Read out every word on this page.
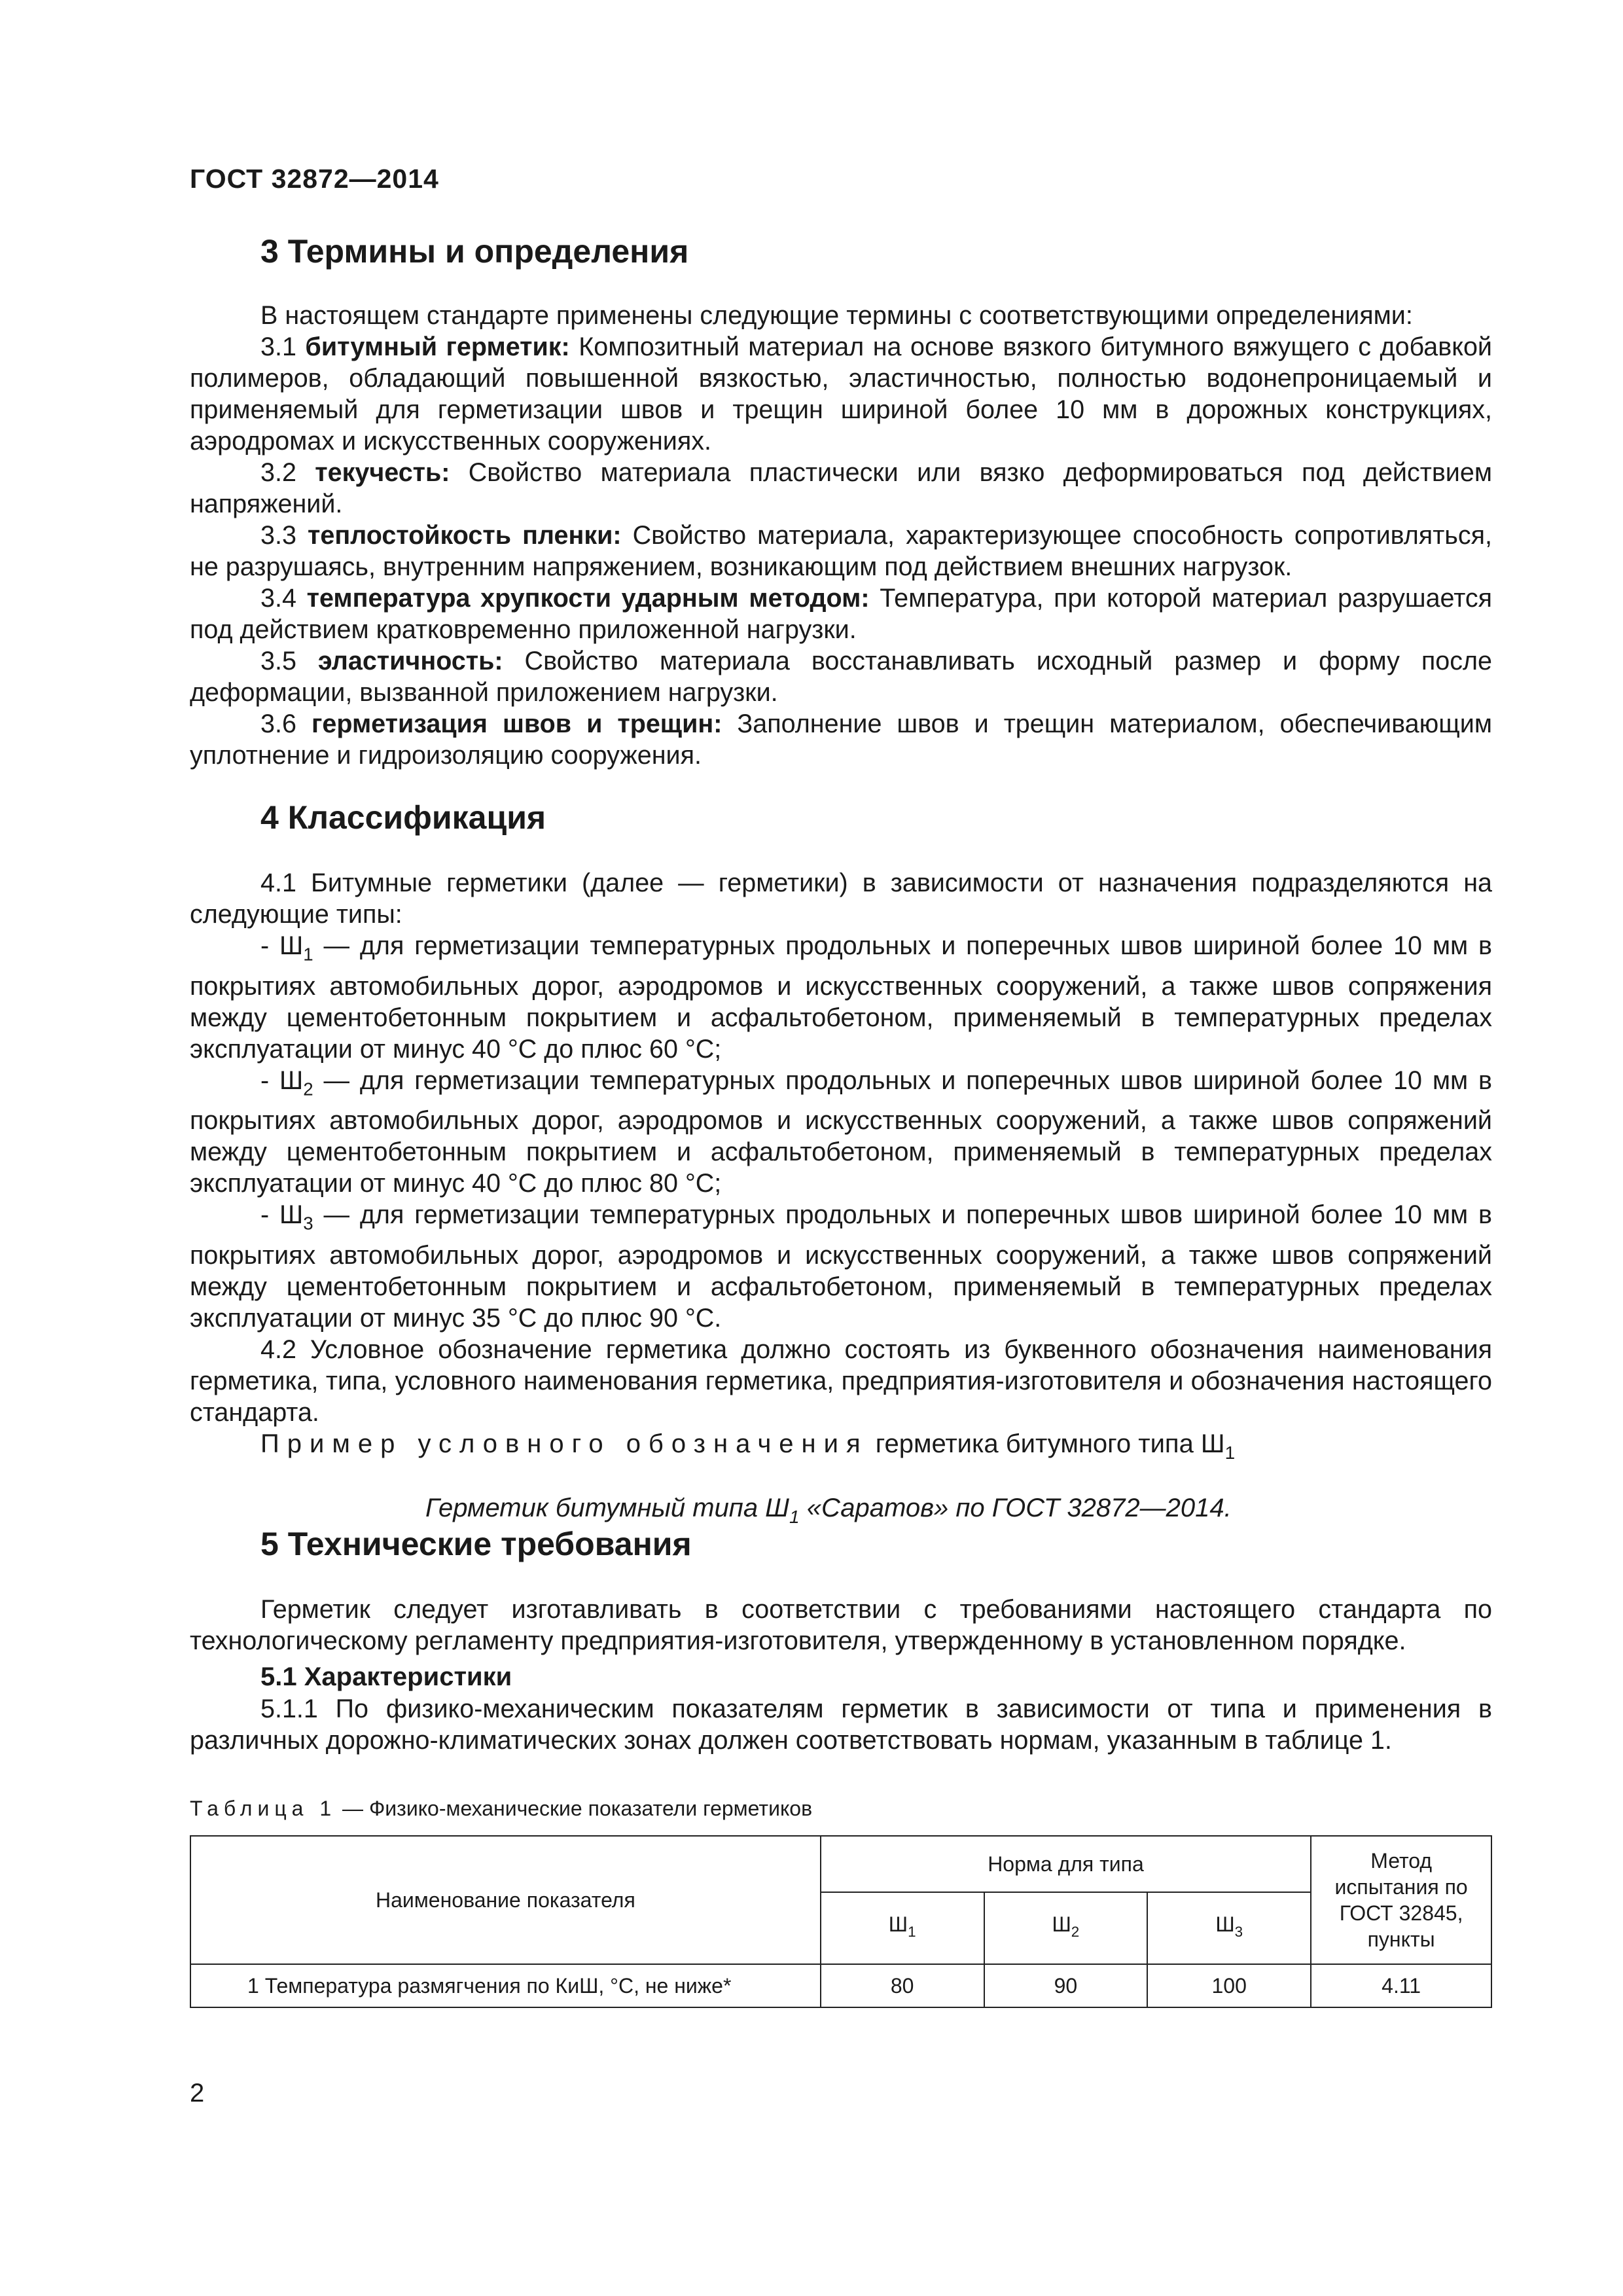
ГОСТ 32872—2014
3 Термины и определения

В настоящем стандарте применены следующие термины с соответствующими определениями:

3.1 битумный герметик: Композитный материал на основе вязкого битумного вяжущего с добавкой полимеров, обладающий повышенной вязкостью, эластичностью, полностью водонепроницаемый и применяемый для герметизации швов и трещин шириной более 10 мм в дорожных конструкциях, аэродромах и искусственных сооружениях.

3.2 текучесть: Свойство материала пластически или вязко деформироваться под действием напряжений.

3.3 теплостойкость пленки: Свойство материала, характеризующее способность сопротивляться, не разрушаясь, внутренним напряжением, возникающим под действием внешних нагрузок.

3.4 температура хрупкости ударным методом: Температура, при которой материал разрушается под действием кратковременно приложенной нагрузки.

3.5 эластичность: Свойство материала восстанавливать исходный размер и форму после деформации, вызванной приложением нагрузки.

3.6 герметизация швов и трещин: Заполнение швов и трещин материалом, обеспечивающим уплотнение и гидроизоляцию сооружения.

4 Классификация

4.1 Битумные герметики (далее — герметики) в зависимости от назначения подразделяются на следующие типы:

- $Ш_1$ — для герметизации температурных продольных и поперечных швов шириной более 10 мм в покрытиях автомобильных дорог, аэродромов и искусственных сооружений, а также швов сопряжения между цементобетонным покрытием и асфальтобетоном, применяемый в температурных пределах эксплуатации от минус 40 °С до плюс 60 °С;

- $Ш_2$ — для герметизации температурных продольных и поперечных швов шириной более 10 мм в покрытиях автомобильных дорог, аэродромов и искусственных сооружений, а также швов сопряжений между цементобетонным покрытием и асфальтобетоном, применяемый в температурных пределах эксплуатации от минус 40 °С до плюс 80 °С;

- $Ш_3$ — для герметизации температурных продольных и поперечных швов шириной более 10 мм в покрытиях автомобильных дорог, аэродромов и искусственных сооружений, а также швов сопряжений между цементобетонным покрытием и асфальтобетоном, применяемый в температурных пределах эксплуатации от минус 35 °С до плюс 90 °С.

4.2 Условное обозначение герметика должно состоять из буквенного обозначения наименования герметика, типа, условного наименования герметика, предприятия-изготовителя и обозначения настоящего стандарта.

Пример условного обозначения герметика битумного типа $Ш_1$

Герметик битумный типа $Ш_1$ «Саратов» по ГОСТ 32872—2014.

5 Технические требования

Герметик следует изготавливать в соответствии с требованиями настоящего стандарта по технологическому регламенту предприятия-изготовителя, утвержденному в установленном порядке.

5.1 Характеристики

5.1.1 По физико-механическим показателям герметик в зависимости от типа и применения в различных дорожно-климатических зонах должен соответствовать нормам, указанным в таблице 1.

Таблица 1 — Физико-механические показатели герметиков

Наименование показателя	Норма для типа			Метод испытания по ГОСТ 32845, пункты
	$Ш_1$	$Ш_2$	$Ш_3$
1 Температура размягчения по КиШ, °С, не ниже*	80	90	100	4.11
2
